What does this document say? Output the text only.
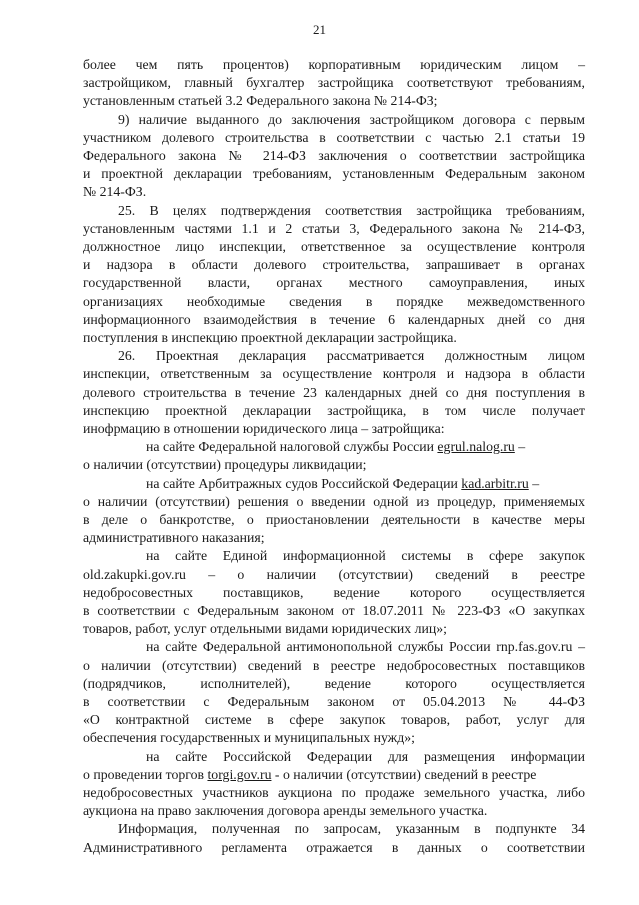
21
более чем пять процентов) корпоративным юридическим лицом –
застройщиком, главный бухгалтер застройщика соответствуют требованиям,
установленным статьей 3.2 Федерального закона № 214-ФЗ;
9) наличие выданного до заключения застройщиком договора с первым
участником долевого строительства в соответствии с частью 2.1 статьи 19
Федерального закона № 214-ФЗ заключения о соответствии застройщика
и проектной декларации требованиям, установленным Федеральным законом
№ 214-ФЗ.
25. В целях подтверждения соответствия застройщика требованиям,
установленным частями 1.1 и 2 статьи 3, Федерального закона № 214-ФЗ,
должностное лицо инспекции, ответственное за осуществление контроля
и надзора в области долевого строительства, запрашивает в органах
государственной власти, органах местного самоуправления, иных
организациях необходимые сведения в порядке межведомственного
информационного взаимодействия в течение 6 календарных дней со дня
поступления в инспекцию проектной декларации застройщика.
26. Проектная декларация рассматривается должностным лицом
инспекции, ответственным за осуществление контроля и надзора в области
долевого строительства в течение 23 календарных дней со дня поступления в
инспекцию проектной декларации застройщика, в том числе получает
инофрмацию в отношении юридического лица – затройщика:
на сайте Федеральной налоговой службы России egrul.nalog.ru –
о наличии (отсутствии) процедуры ликвидации;
на сайте Арбитражных судов Российской Федерации kad.arbitr.ru –
о наличии (отсутствии) решения о введении одной из процедур, применяемых
в деле о банкротстве, о приостановлении деятельности в качестве меры
административного наказания;
на сайте Единой информационной системы в сфере закупок
old.zakupki.gov.ru – о наличии (отсутствии) сведений в реестре
недобросовестных поставщиков, ведение которого осуществляется
в соответствии с Федеральным законом от 18.07.2011 № 223-ФЗ «О закупках
товаров, работ, услуг отдельными видами юридических лиц»;
на сайте Федеральной антимонопольной службы России rnp.fas.gov.ru –
о наличии (отсутствии) сведений в реестре недобросовестных поставщиков
(подрядчиков, исполнителей), ведение которого осуществляется
в соответствии с Федеральным законом от 05.04.2013 № 44-ФЗ
«О контрактной системе в сфере закупок товаров, работ, услуг для
обеспечения государственных и муниципальных нужд»;
на сайте Российской Федерации для размещения информации
о проведении торгов torgi.gov.ru - о наличии (отсутствии) сведений в реестре
недобросовестных участников аукциона по продаже земельного участка, либо
аукциона на право заключения договора аренды земельного участка.
Информация, полученная по запросам, указанным в подпункте 34
Административного регламента отражается в данных о соответствии
